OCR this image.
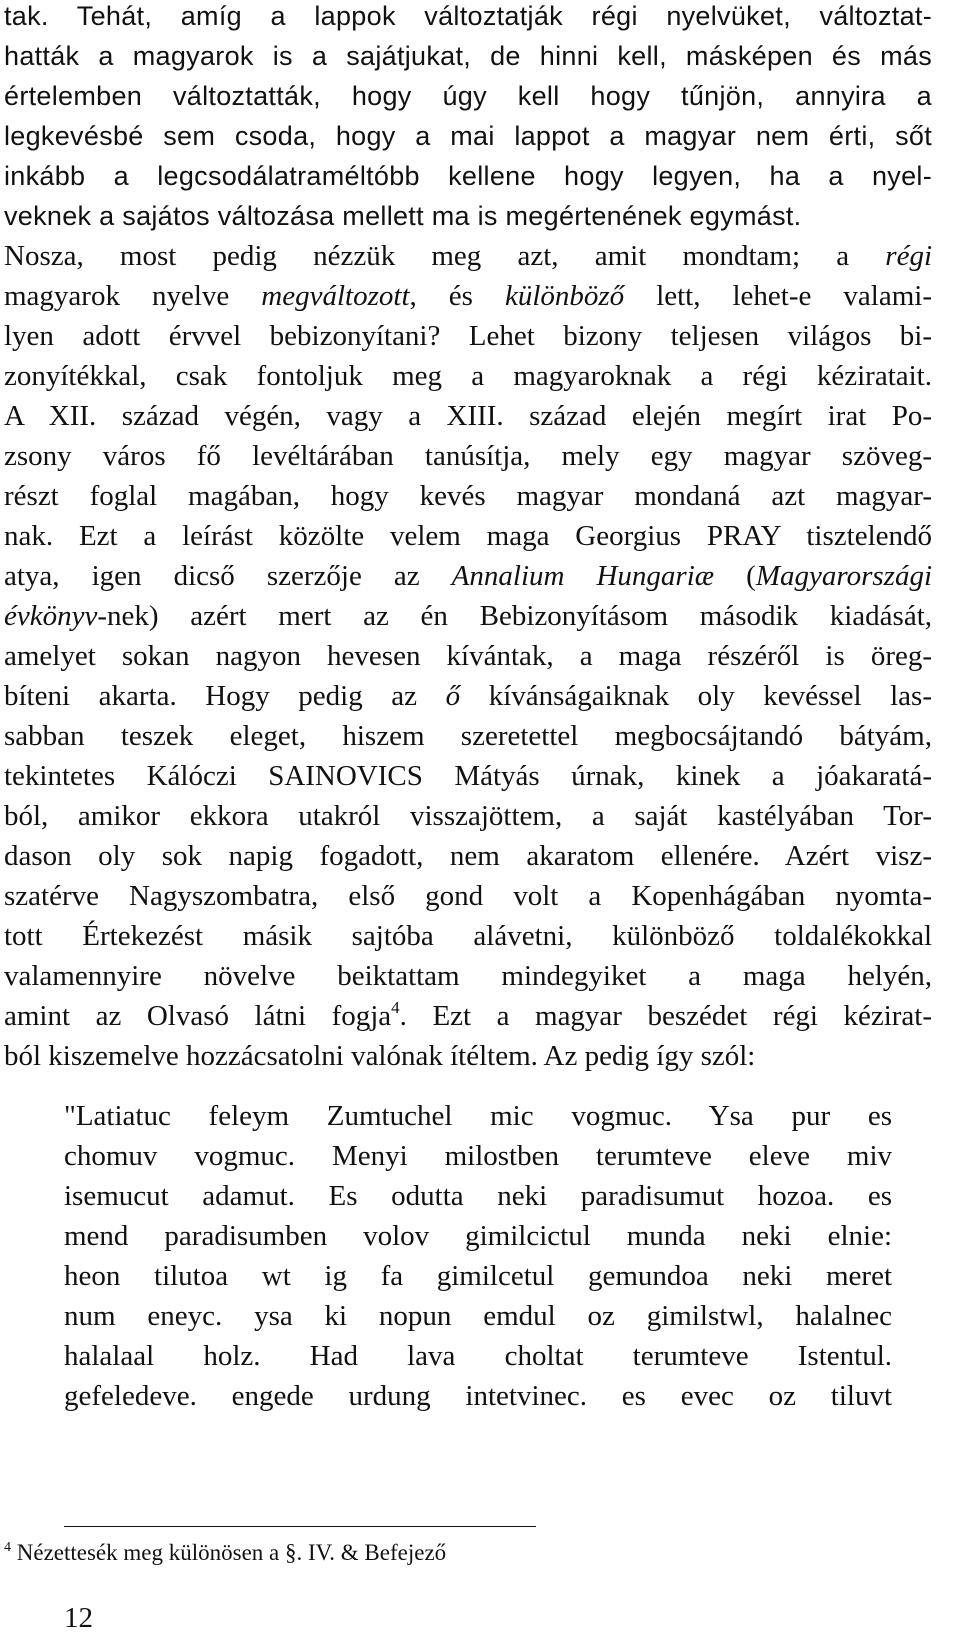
tak. Tehát, amíg a lappok változtatják régi nyelvüket, változtat-
hatták a magyarok is a sajátjukat, de hinni kell, másképen és más
értelemben változtatták, hogy úgy kell hogy tűnjön, annyira a
legkevésbé sem csoda, hogy a mai lappot a magyar nem érti, sőt
inkább a legcsodálatraméltóbb kellene hogy legyen, ha a nyel-
veknek a sajátos változása mellett ma is megértenének egymást.
Nosza, most pedig nézzük meg azt, amit mondtam; a régi
magyarok nyelve megváltozott, és különböző lett, lehet-e valami-
lyen adott érvvel bebizonyítani? Lehet bizony teljesen világos bi-
zonyítékkal, csak fontoljuk meg a magyaroknak a régi kéziratait.
A XII. század végén, vagy a XIII. század elején megírt irat Po-
zsony város fő levéltárában tanúsítja, mely egy magyar szöveg-
részt foglal magában, hogy kevés magyar mondaná azt magyar-
nak. Ezt a leírást közölte velem maga Georgius PRAY tisztelendő
atya, igen dicső szerzője az Annalium Hungariæ (Magyarországi
évkönyv-nek) azért mert az én Bebizonyításom második kiadását,
amelyet sokan nagyon hevesen kívántak, a maga részéről is öreg-
bíteni akarta. Hogy pedig az ő kívánságaiknak oly kevéssel las-
sabban teszek eleget, hiszem szeretettel megbocsájtandó bátyám,
tekintetes Kálóczi SAINOVICS Mátyás úrnak, kinek a jóakaratá-
ból, amikor ekkora utakról visszajöttem, a saját kastélyában Tor-
dason oly sok napig fogadott, nem akaratom ellenére. Azért visz-
szatérve Nagyszombatra, első gond volt a Kopenhágában nyomta-
tott Értekezést másik sajtóba alávetni, különböző toldalékokkal
valamennyire növelve beiktattam mindegyiket a maga helyén,
amint az Olvasó látni fogja$^4$. Ezt a magyar beszédet régi kézirat-
ból kiszemelve hozzácsatolni valónak ítéltem. Az pedig így szól:
"Latiatuc feleym Zumtuchel mic vogmuc. Ysa pur es
chomuv vogmuc. Menyi milostben terumteve eleve miv
isemucut adamut. Es odutta neki paradisumut hozoa. es
mend paradisumben volov gimilcictul munda neki elnie:
heon tilutoa wt ig fa gimilcetul gemundoa neki meret
num eneyc. ysa ki nopun emdul oz gimilstwl, halalnec
halalaal holz. Had lava choltat terumteve Istentul.
gefeledeve. engede urdung intetvinec. es evec oz tiluvt
$^4$ Nézettesék meg különösen a §. IV. & Befejező
12
